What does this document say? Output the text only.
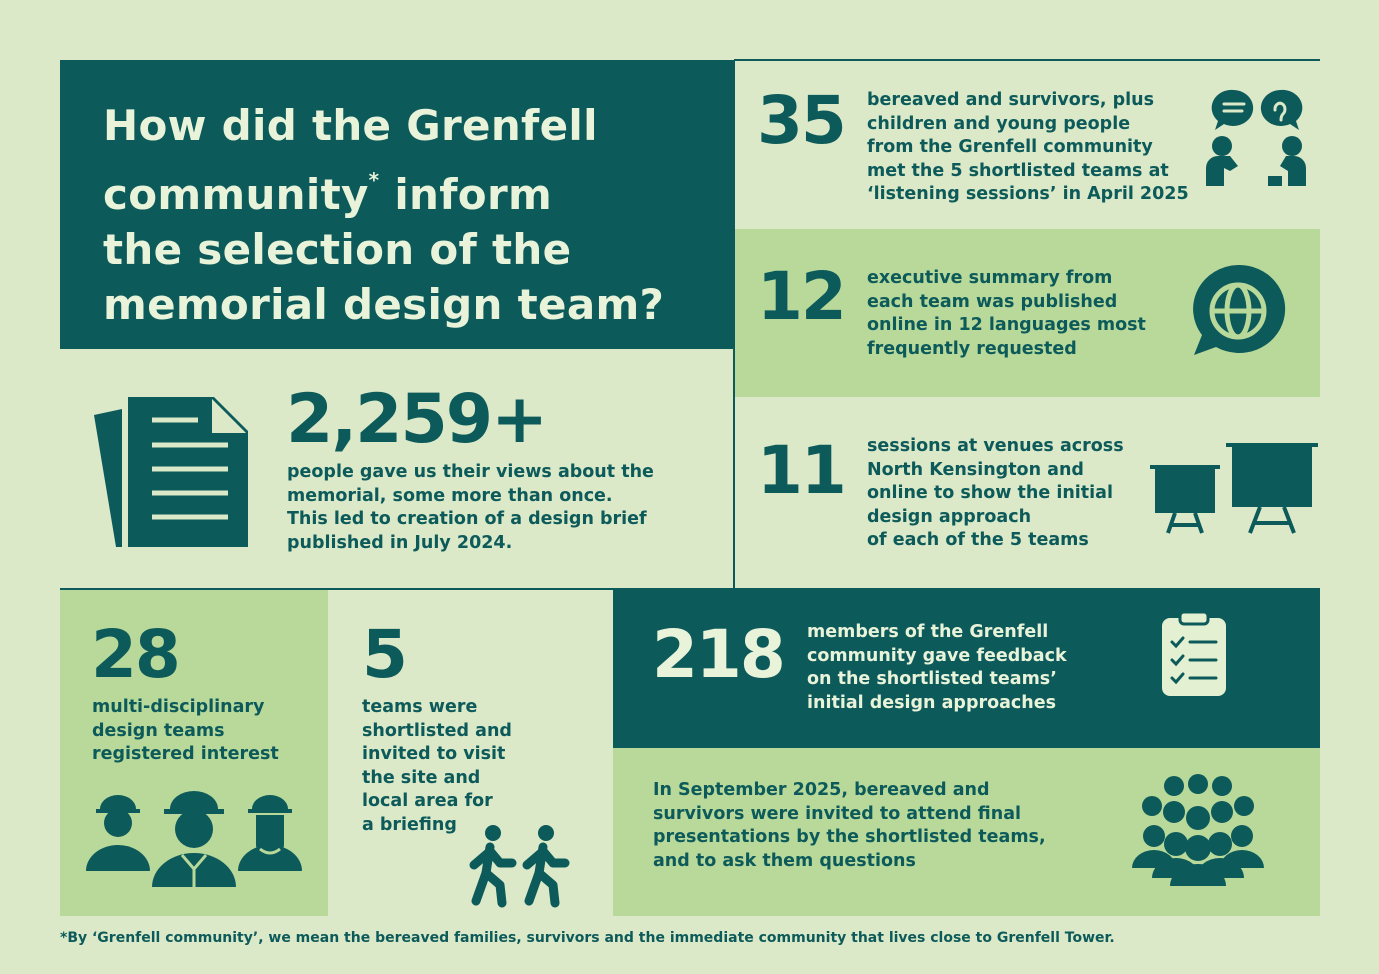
How did the Grenfell
community* inform
the selection of the
memorial design team?
35 bereaved and survivors, plus
children and young people
from the Grenfell community
met the 5 shortlisted teams at
‘listening sessions’ in April 2025
12 executive summary from
each team was published
online in 12 languages most
frequently requested
2,259+
people gave us their views about the
memorial, some more than once.
This led to creation of a design brief
published in July 2024.
11 sessions at venues across
North Kensington and
online to show the initial
design approach
of each of the 5 teams
28
multi-disciplinary
design teams
registered interest
5
teams were
shortlisted and
invited to visit
the site and
local area for
a briefing
218 members of the Grenfell
community gave feedback
on the shortlisted teams’
initial design approaches
In September 2025, bereaved and
survivors were invited to attend final
presentations by the shortlisted teams,
and to ask them questions
*By ‘Grenfell community’, we mean the bereaved families, survivors and the immediate community that lives close to Grenfell Tower.
